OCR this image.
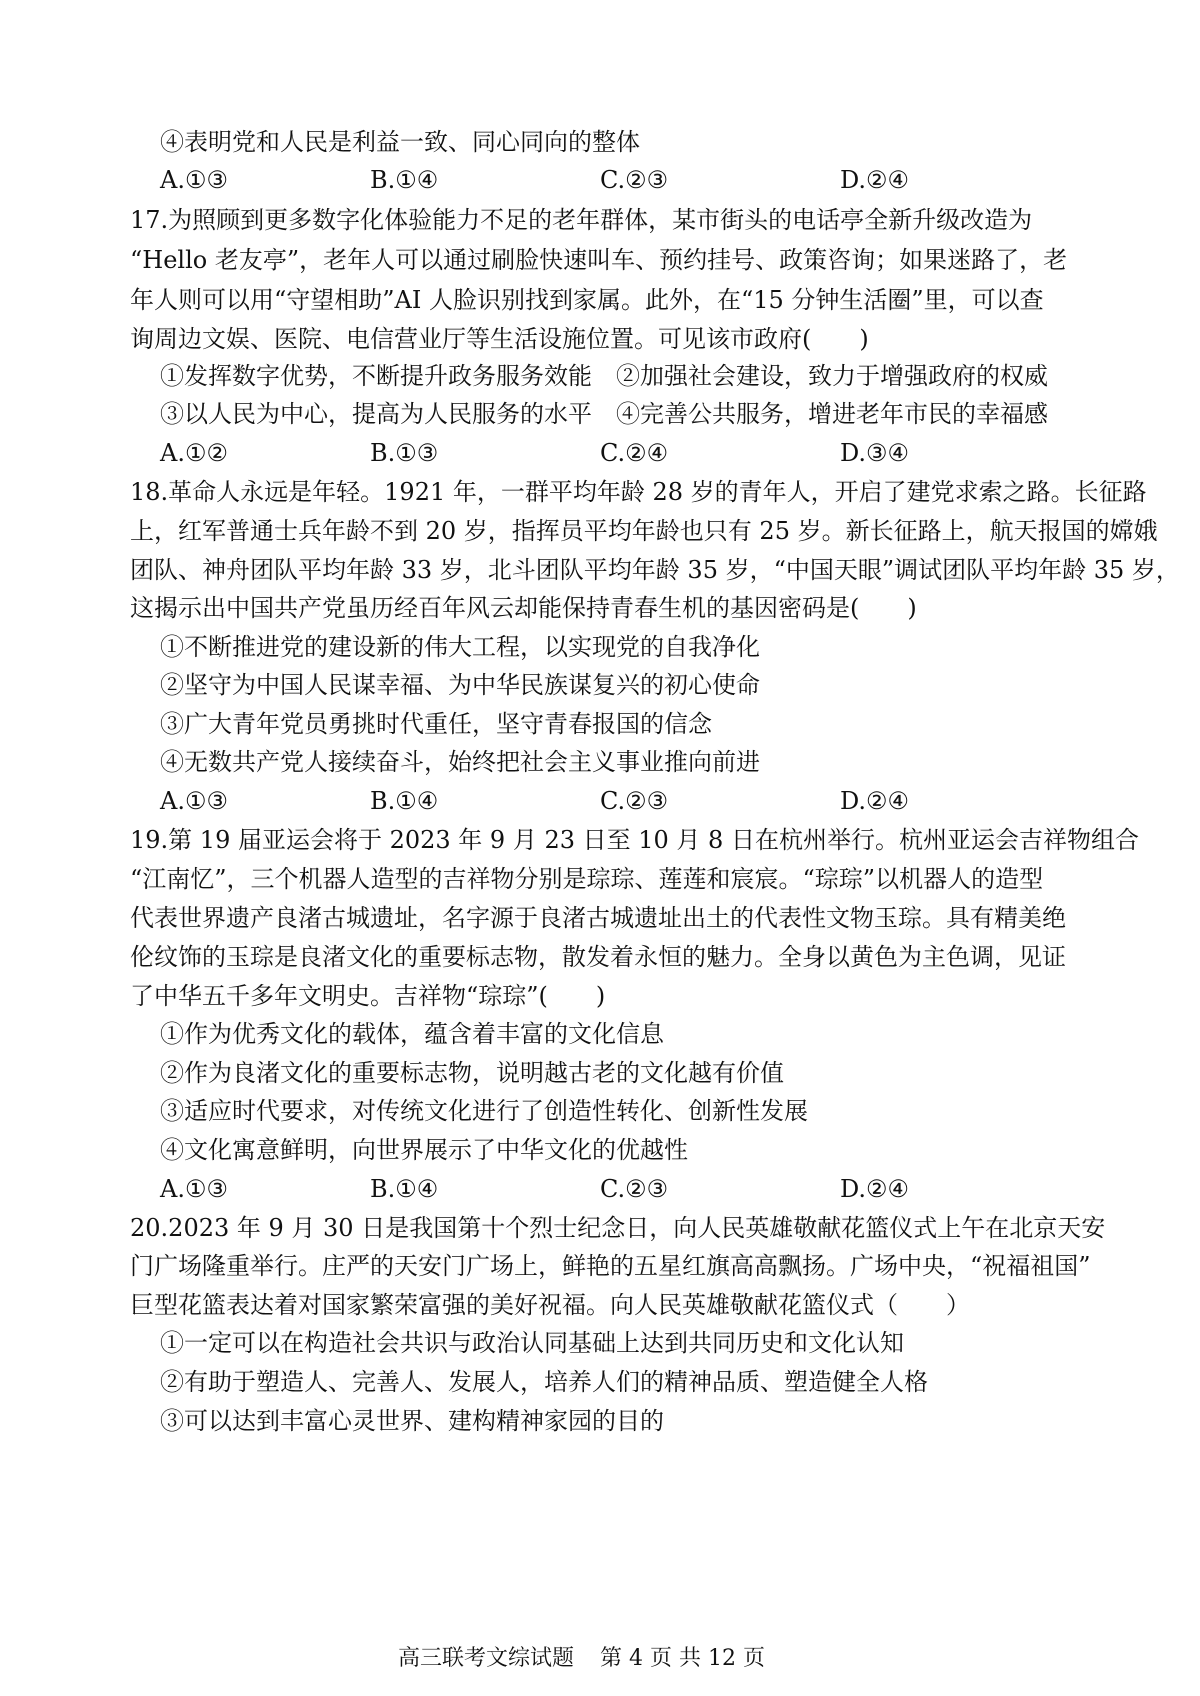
④表明党和人民是利益一致、同心同向的整体
A.①③	B.①④	C.②③	D.②④
17.为照顾到更多数字化体验能力不足的老年群体，某市街头的电话亭全新升级改造为
“Hello 老友亭”，老年人可以通过刷脸快速叫车、预约挂号、政策咨询；如果迷路了，老
年人则可以用“守望相助”AI 人脸识别找到家属。此外，在“15 分钟生活圈”里，可以查
询周边文娱、医院、电信营业厅等生活设施位置。可见该市政府(　　)
①发挥数字优势，不断提升政务服务效能　②加强社会建设，致力于增强政府的权威
③以人民为中心，提高为人民服务的水平　④完善公共服务，增进老年市民的幸福感
A.①②	B.①③	C.②④	D.③④
18.革命人永远是年轻。1921 年，一群平均年龄 28 岁的青年人，开启了建党求索之路。长征路
上，红军普通士兵年龄不到 20 岁，指挥员平均年龄也只有 25 岁。新长征路上，航天报国的嫦娥
团队、神舟团队平均年龄 33 岁，北斗团队平均年龄 35 岁，“中国天眼”调试团队平均年龄 35 岁，
这揭示出中国共产党虽历经百年风云却能保持青春生机的基因密码是(　　)
①不断推进党的建设新的伟大工程，以实现党的自我净化
②坚守为中国人民谋幸福、为中华民族谋复兴的初心使命
③广大青年党员勇挑时代重任，坚守青春报国的信念
④无数共产党人接续奋斗，始终把社会主义事业推向前进
A.①③	B.①④	C.②③	D.②④
19.第 19 届亚运会将于 2023 年 9 月 23 日至 10 月 8 日在杭州举行。杭州亚运会吉祥物组合
“江南忆”，三个机器人造型的吉祥物分别是琮琮、莲莲和宸宸。“琮琮”以机器人的造型
代表世界遗产良渚古城遗址，名字源于良渚古城遗址出土的代表性文物玉琮。具有精美绝
伦纹饰的玉琮是良渚文化的重要标志物，散发着永恒的魅力。全身以黄色为主色调，见证
了中华五千多年文明史。吉祥物“琮琮”(　　)
①作为优秀文化的载体，蕴含着丰富的文化信息
②作为良渚文化的重要标志物，说明越古老的文化越有价值
③适应时代要求，对传统文化进行了创造性转化、创新性发展
④文化寓意鲜明，向世界展示了中华文化的优越性
A.①③	B.①④	C.②③	D.②④
20.2023 年 9 月 30 日是我国第十个烈士纪念日，向人民英雄敬献花篮仪式上午在北京天安
门广场隆重举行。庄严的天安门广场上，鲜艳的五星红旗高高飘扬。广场中央，“祝福祖国”
巨型花篮表达着对国家繁荣富强的美好祝福。向人民英雄敬献花篮仪式（　　）
①一定可以在构造社会共识与政治认同基础上达到共同历史和文化认知
②有助于塑造人、完善人、发展人，培养人们的精神品质、塑造健全人格
③可以达到丰富心灵世界、建构精神家园的目的
高三联考文综试题 第 4 页 共 12 页
